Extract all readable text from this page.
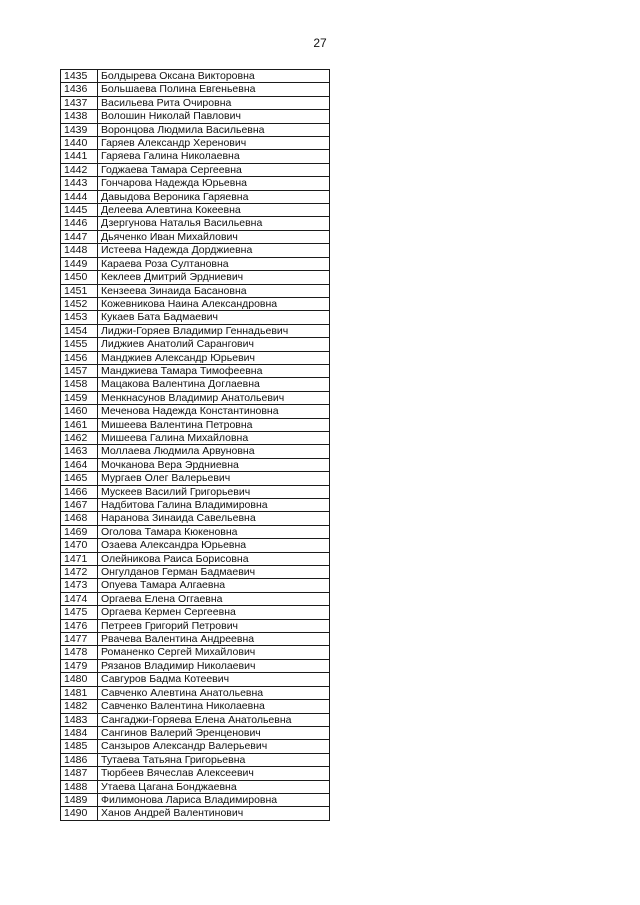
27
1435	Болдырева Оксана Викторовна
1436	Большаева Полина Евгеньевна
1437	Васильева Рита Очировна
1438	Волошин Николай Павлович
1439	Воронцова Людмила Васильевна
1440	Гаряев Александр Херенович
1441	Гаряева Галина Николаевна
1442	Годжаева Тамара Сергеевна
1443	Гончарова Надежда Юрьевна
1444	Давыдова Вероника Гаряевна
1445	Делеева Алевтина Кокеевна
1446	Дзергунова Наталья Васильевна
1447	Дьяченко Иван Михайлович
1448	Истеева Надежда Дорджиевна
1449	Караева Роза Султановна
1450	Кеклеев Дмитрий Эрдниевич
1451	Кензеева Зинаида Басановна
1452	Кожевникова Наина Александровна
1453	Кукаев Бата Бадмаевич
1454	Лиджи-Горяев Владимир Геннадьевич
1455	Лиджиев Анатолий Сарангович
1456	Манджиев Александр Юрьевич
1457	Манджиева Тамара Тимофеевна
1458	Мацакова Валентина Доглаевна
1459	Менкнасунов Владимир Анатольевич
1460	Меченова Надежда Константиновна
1461	Мишеева Валентина Петровна
1462	Мишеева Галина Михайловна
1463	Моллаева Людмила Арвуновна
1464	Мочканова Вера Эрдниевна
1465	Мургаев Олег Валерьевич
1466	Мускеев Василий Григорьевич
1467	Надбитова Галина Владимировна
1468	Наранова Зинаида Савельевна
1469	Оголова Тамара Кюкеновна
1470	Озаева Александра Юрьевна
1471	Олейникова Раиса Борисовна
1472	Онгулданов Герман Бадмаевич
1473	Опуева Тамара Алгаевна
1474	Оргаева Елена Оггаевна
1475	Оргаева Кермен Сергеевна
1476	Петреев Григорий Петрович
1477	Рвачева Валентина Андреевна
1478	Романенко Сергей Михайлович
1479	Рязанов Владимир Николаевич
1480	Савгуров Бадма Котеевич
1481	Савченко Алевтина Анатольевна
1482	Савченко Валентина Николаевна
1483	Сангаджи-Горяева Елена Анатольевна
1484	Сангинов Валерий Эренценович
1485	Санзыров Александр Валерьевич
1486	Тутаева Татьяна Григорьевна
1487	Тюрбеев Вячеслав Алексеевич
1488	Утаева Цагана Бонджаевна
1489	Филимонова Лариса Владимировна
1490	Ханов Андрей Валентинович
